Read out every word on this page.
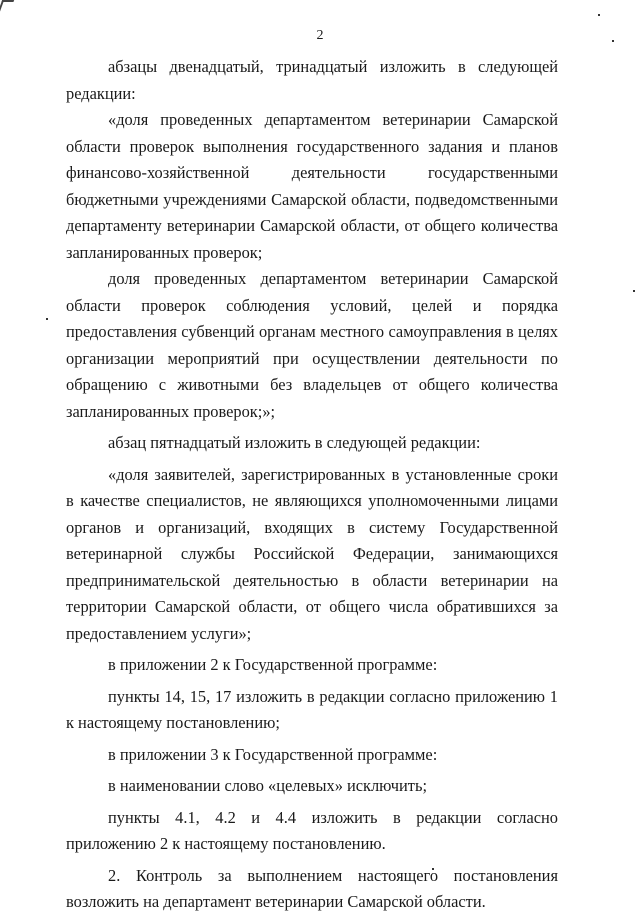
2

абзацы двенадцатый, тринадцатый изложить в следующей редакции:

«доля проведенных департаментом ветеринарии Самарской области проверок выполнения государственного задания и планов финансово-хозяйственной деятельности государственными бюджетными учреждениями Самарской области, подведомственными департаменту ветеринарии Самарской области, от общего количества запланированных проверок;

доля проведенных департаментом ветеринарии Самарской области проверок соблюдения условий, целей и порядка предоставления субвенций органам местного самоуправления в целях организации мероприятий при осуществлении деятельности по обращению с животными без владельцев от общего количества запланированных проверок;»;

абзац пятнадцатый изложить в следующей редакции:

«доля заявителей, зарегистрированных в установленные сроки в качестве специалистов, не являющихся уполномоченными лицами органов и организаций, входящих в систему Государственной ветеринарной службы Российской Федерации, занимающихся предпринимательской деятельностью в области ветеринарии на территории Самарской области, от общего числа обратившихся за предоставлением услуги»;

в приложении 2 к Государственной программе:

пункты 14, 15, 17 изложить в редакции согласно приложению 1 к настоящему постановлению;

в приложении 3 к Государственной программе:

в наименовании слово «целевых» исключить;

пункты 4.1, 4.2 и 4.4 изложить в редакции согласно приложению 2 к настоящему постановлению.

2. Контроль за выполнением настоящего постановления возложить на департамент ветеринарии Самарской области.
